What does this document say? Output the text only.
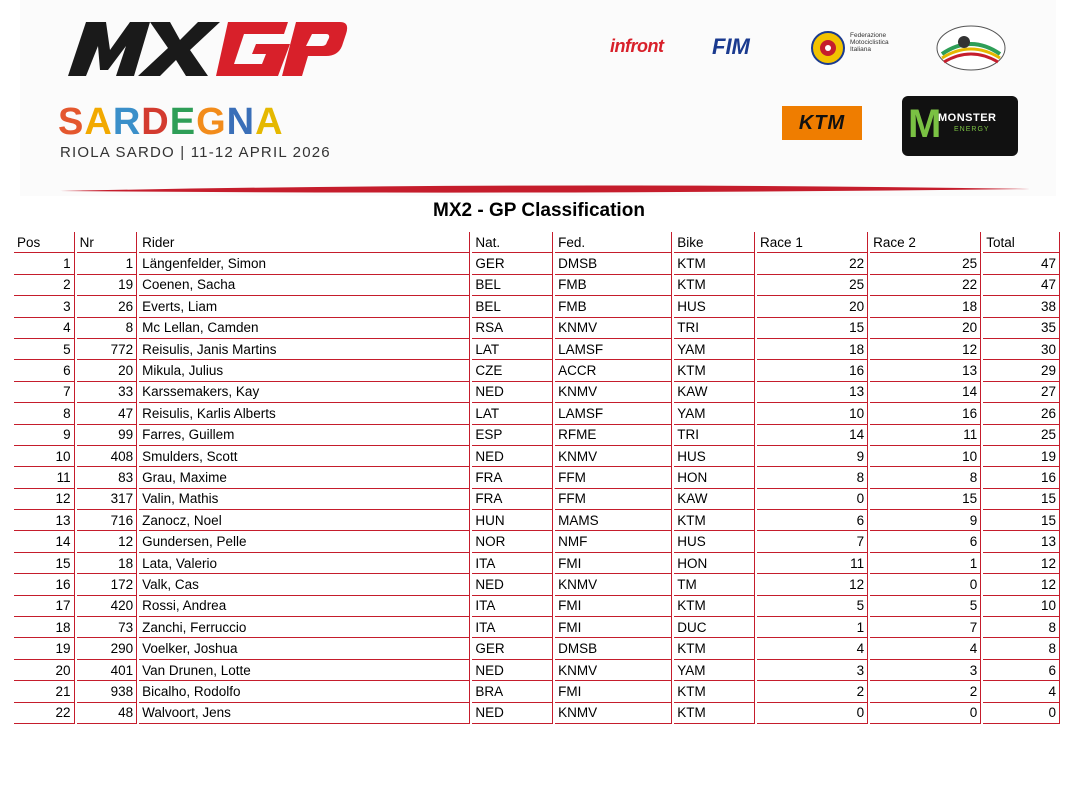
SARDEGNA
RIOLA SARDO | 11-12 APRIL 2026
infront FIM	Federazione
Motociclistica
Italiana
KTM	M
MONSTER
ENERGY
MX2 - GP Classification
Pos	Nr	Rider	Nat.	Fed.	Bike	Race 1	Race 2	Total
1	1	Längenfelder, Simon	GER	DMSB	KTM	22	25	47
2	19	Coenen, Sacha	BEL	FMB	KTM	25	22	47
3	26	Everts, Liam	BEL	FMB	HUS	20	18	38
4	8	Mc Lellan, Camden	RSA	KNMV	TRI	15	20	35
5	772	Reisulis, Janis Martins	LAT	LAMSF	YAM	18	12	30
6	20	Mikula, Julius	CZE	ACCR	KTM	16	13	29
7	33	Karssemakers, Kay	NED	KNMV	KAW	13	14	27
8	47	Reisulis, Karlis Alberts	LAT	LAMSF	YAM	10	16	26
9	99	Farres, Guillem	ESP	RFME	TRI	14	11	25
10	408	Smulders, Scott	NED	KNMV	HUS	9	10	19
11	83	Grau, Maxime	FRA	FFM	HON	8	8	16
12	317	Valin, Mathis	FRA	FFM	KAW	0	15	15
13	716	Zanocz, Noel	HUN	MAMS	KTM	6	9	15
14	12	Gundersen, Pelle	NOR	NMF	HUS	7	6	13
15	18	Lata, Valerio	ITA	FMI	HON	11	1	12
16	172	Valk, Cas	NED	KNMV	TM	12	0	12
17	420	Rossi, Andrea	ITA	FMI	KTM	5	5	10
18	73	Zanchi, Ferruccio	ITA	FMI	DUC	1	7	8
19	290	Voelker, Joshua	GER	DMSB	KTM	4	4	8
20	401	Van Drunen, Lotte	NED	KNMV	YAM	3	3	6
21	938	Bicalho, Rodolfo	BRA	FMI	KTM	2	2	4
22	48	Walvoort, Jens	NED	KNMV	KTM	0	0	0
